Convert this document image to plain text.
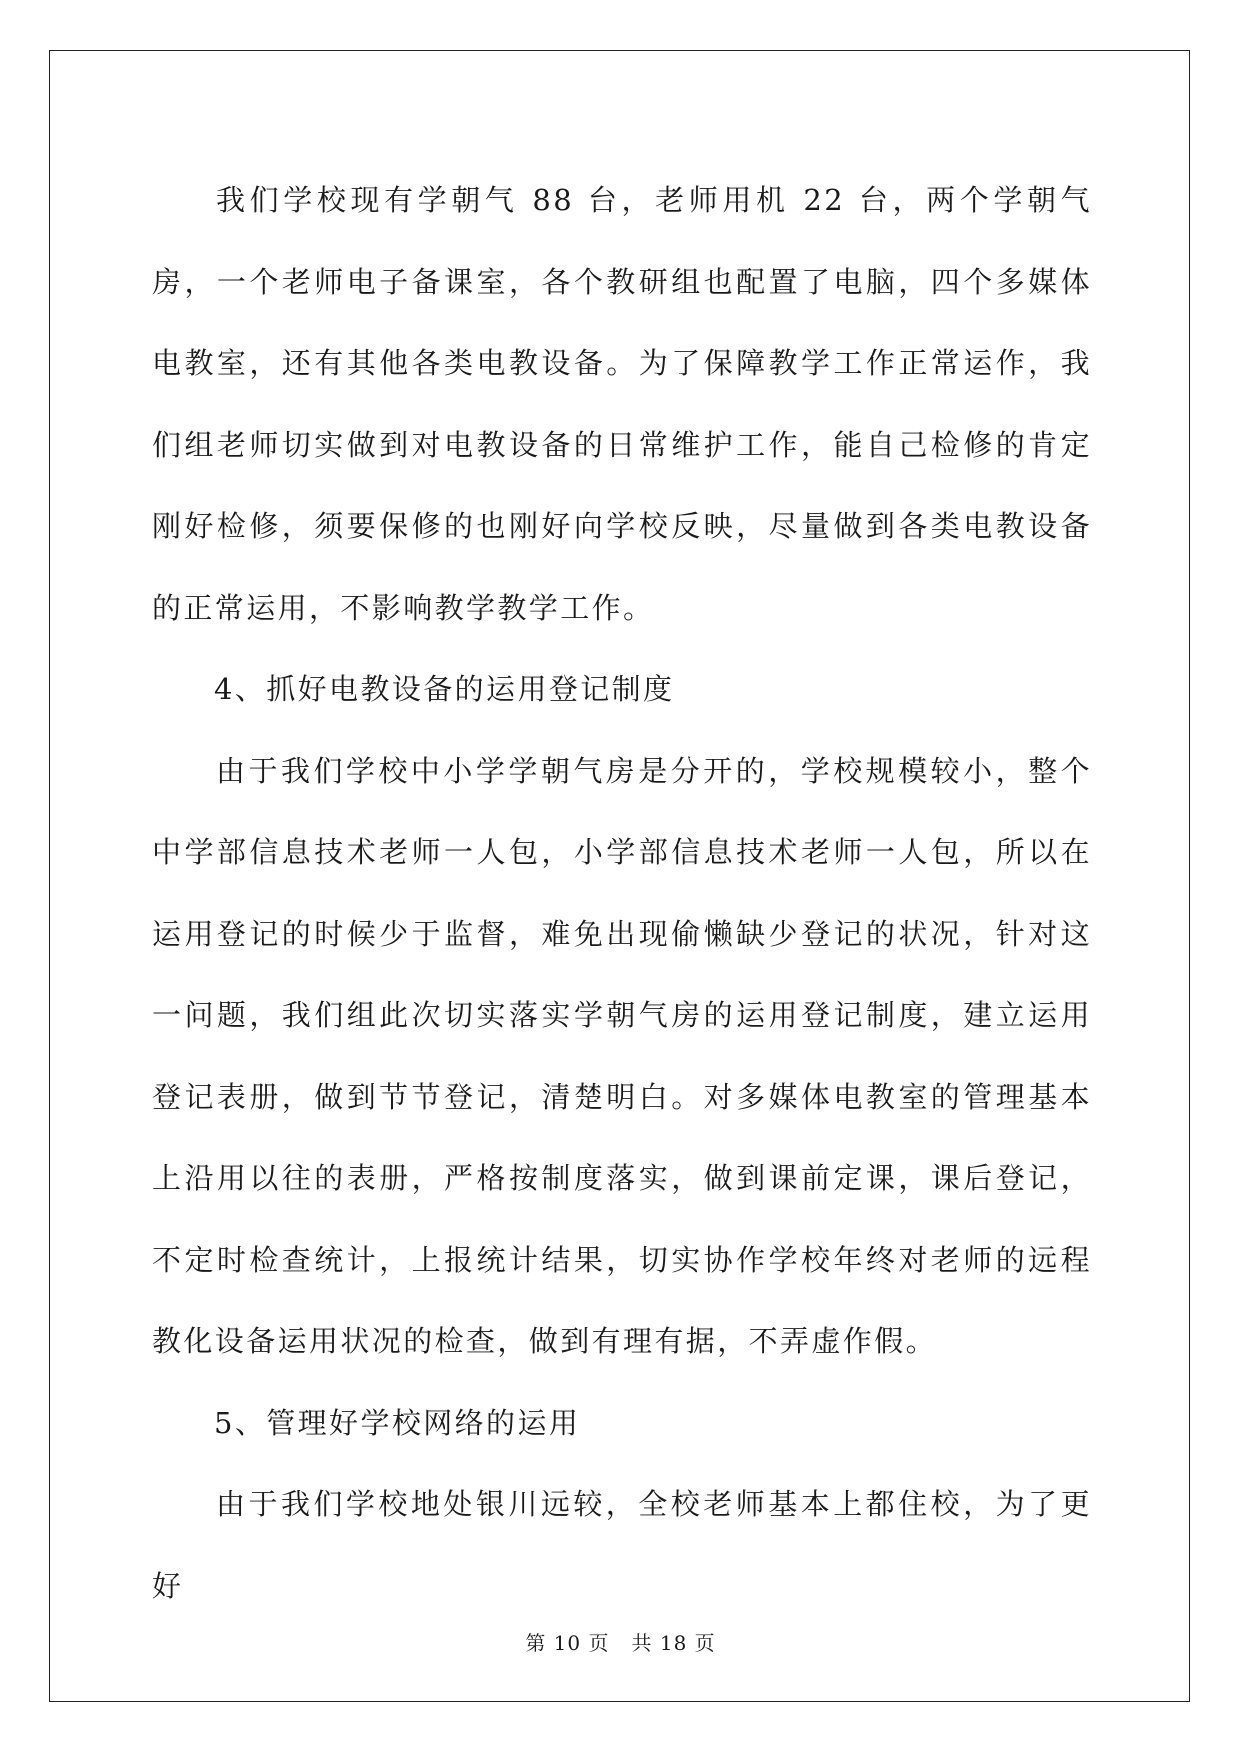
我们学校现有学朝气 88 台，老师用机 22 台，两个学朝气房，一个老师电子备课室，各个教研组也配置了电脑，四个多媒体电教室，还有其他各类电教设备。为了保障教学工作正常运作，我们组老师切实做到对电教设备的日常维护工作，能自己检修的肯定刚好检修，须要保修的也刚好向学校反映，尽量做到各类电教设备的正常运用，不影响教学教学工作。

4、抓好电教设备的运用登记制度

由于我们学校中小学学朝气房是分开的，学校规模较小，整个中学部信息技术老师一人包，小学部信息技术老师一人包，所以在运用登记的时候少于监督，难免出现偷懒缺少登记的状况，针对这一问题，我们组此次切实落实学朝气房的运用登记制度，建立运用登记表册，做到节节登记，清楚明白。对多媒体电教室的管理基本上沿用以往的表册，严格按制度落实，做到课前定课，课后登记，不定时检查统计，上报统计结果，切实协作学校年终对老师的远程教化设备运用状况的检查，做到有理有据，不弄虚作假。

5、管理好学校网络的运用

由于我们学校地处银川远较，全校老师基本上都住校，为了更好

第 10 页 共 18 页
